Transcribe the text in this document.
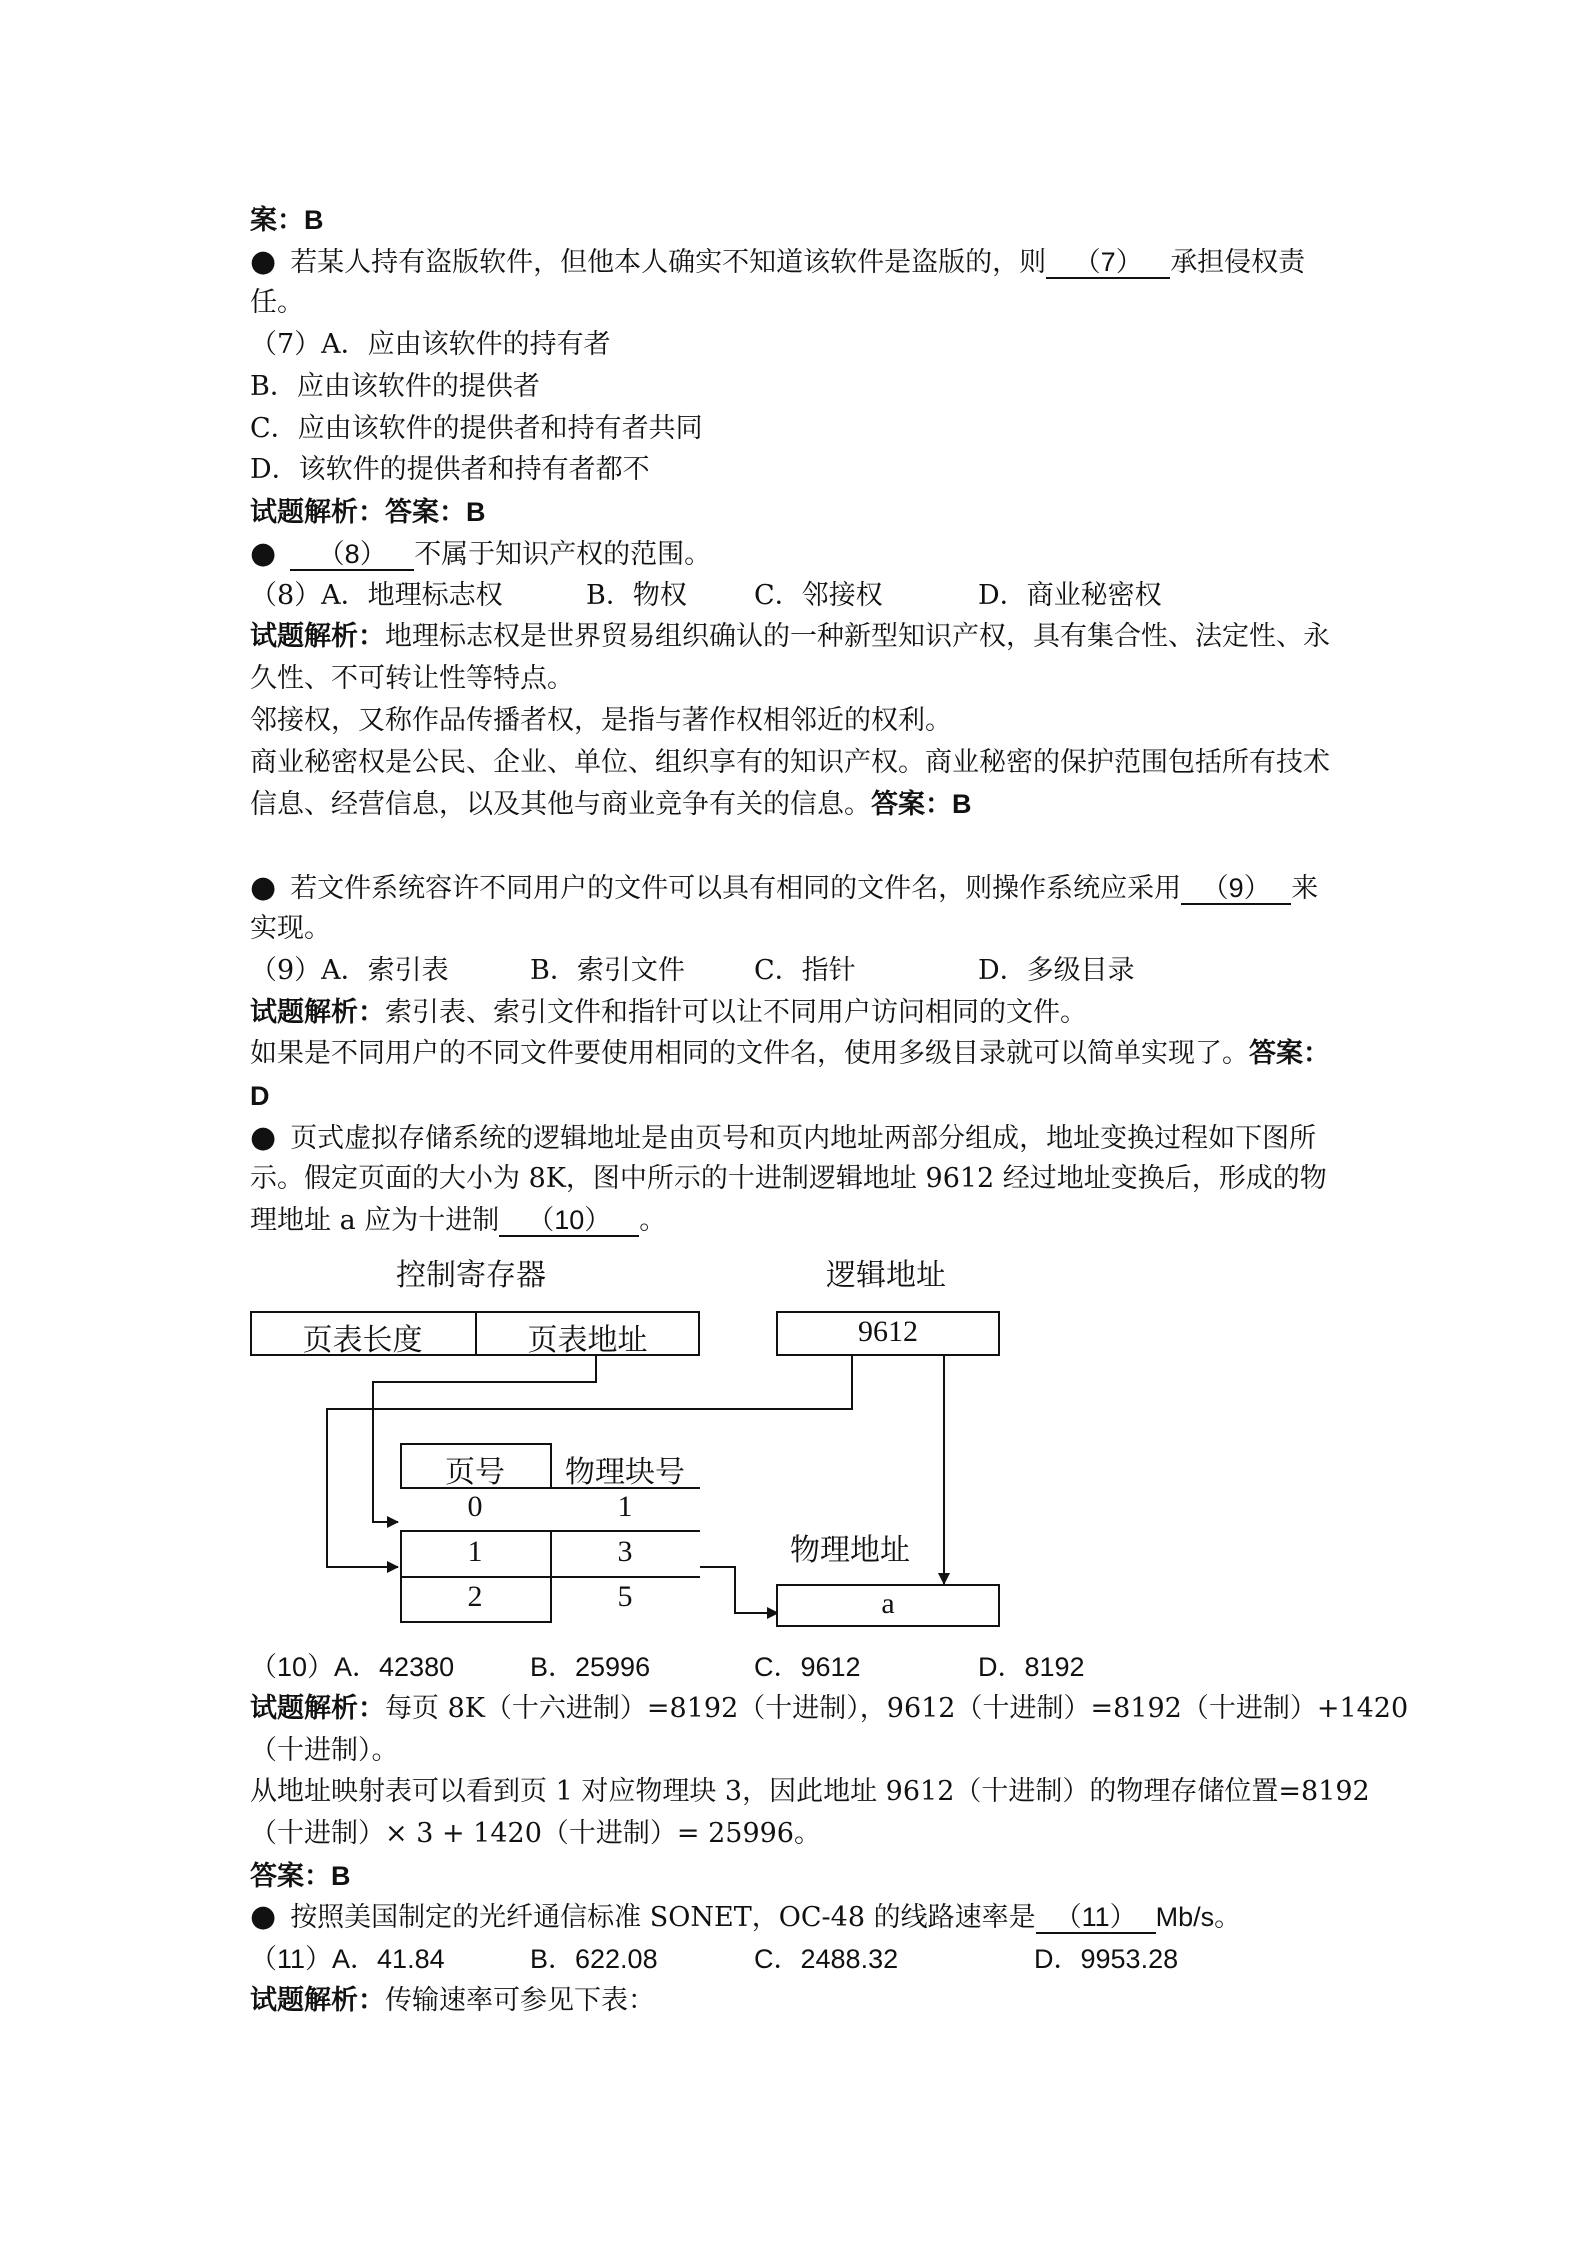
案：B

● 若某人持有盗版软件，但他本人确实不知道该软件是盗版的，则 （7） 承担侵权责

任。

（7）A．应由该软件的持有者

B．应由该软件的提供者

C．应由该软件的提供者和持有者共同

D．该软件的提供者和持有者都不

试题解析：答案：B

● （8） 不属于知识产权的范围。

（8）A．地理标志权	B．物权 C．邻接权	D．商业秘密权

试题解析：地理标志权是世界贸易组织确认的一种新型知识产权，具有集合性、法定性、永

久性、不可转让性等特点。

邻接权，又称作品传播者权，是指与著作权相邻近的权利。

商业秘密权是公民、企业、单位、组织享有的知识产权。商业秘密的保护范围包括所有技术

信息、经营信息，以及其他与商业竞争有关的信息。答案：B

● 若文件系统容许不同用户的文件可以具有相同的文件名，则操作系统应采用 （9） 来

实现。

（9）A．索引表	B．索引文件	C．指针	D．多级目录

试题解析：索引表、索引文件和指针可以让不同用户访问相同的文件。

如果是不同用户的不同文件要使用相同的文件名，使用多级目录就可以简单实现了。答案：

D

● 页式虚拟存储系统的逻辑地址是由页号和页内地址两部分组成，地址变换过程如下图所

示。假定页面的大小为 8K，图中所示的十进制逻辑地址 9612 经过地址变换后，形成的物

理地址 a 应为十进制 （10） 。

控制寄存器	逻辑地址
页表长度	页表地址	9612
页号	物理块号
0	1
1	3
2	5
物理地址
a

（10）A．42380	B．25996	C．9612	D．8192

试题解析：每页 8K（十六进制）=8192（十进制），9612（十进制）=8192（十进制）+1420

（十进制）。

从地址映射表可以看到页 1 对应物理块 3，因此地址 9612（十进制）的物理存储位置=8192

（十进制）× 3 + 1420（十进制）= 25996。

答案：B

● 按照美国制定的光纤通信标准 SONET，OC-48 的线路速率是 （11） Mb/s。

（11）A．41.84	B．622.08	C．2488.32	D．9953.28

试题解析：传输速率可参见下表：
